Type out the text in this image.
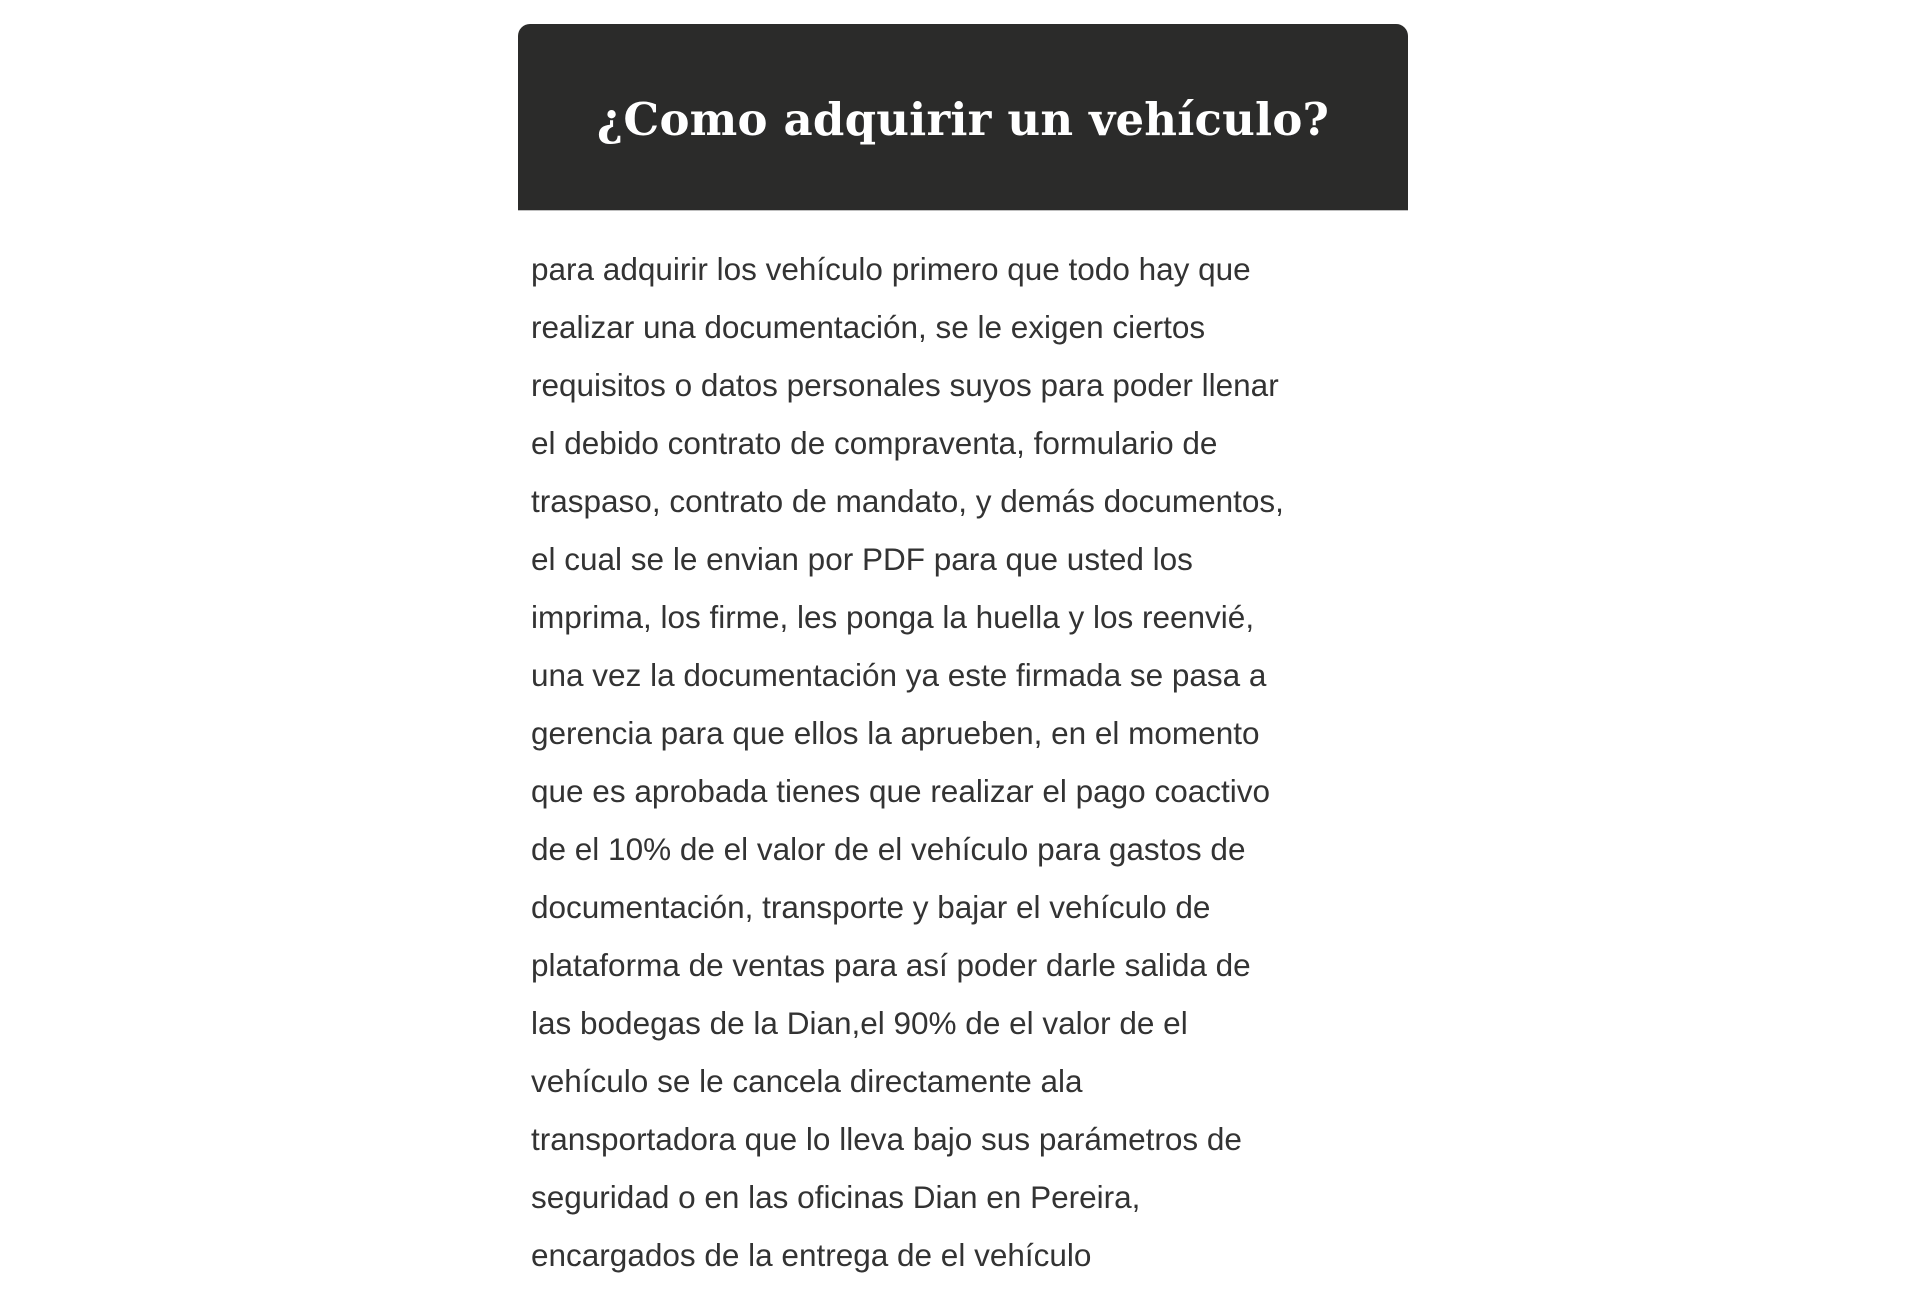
¿Como adquirir un vehículo?

para adquirir los vehículo primero que todo hay que
realizar una documentación, se le exigen ciertos
requisitos o datos personales suyos para poder llenar
el debido contrato de compraventa, formulario de
traspaso, contrato de mandato, y demás documentos,
el cual se le envian por PDF para que usted los
imprima, los firme, les ponga la huella y los reenvié,
una vez la documentación ya este firmada se pasa a
gerencia para que ellos la aprueben, en el momento
que es aprobada tienes que realizar el pago coactivo
de el 10% de el valor de el vehículo para gastos de
documentación, transporte y bajar el vehículo de
plataforma de ventas para así poder darle salida de
las bodegas de la Dian,el 90% de el valor de el
vehículo se le cancela directamente ala
transportadora que lo lleva bajo sus parámetros de
seguridad o en las oficinas Dian en Pereira,
encargados de la entrega de el vehículo
